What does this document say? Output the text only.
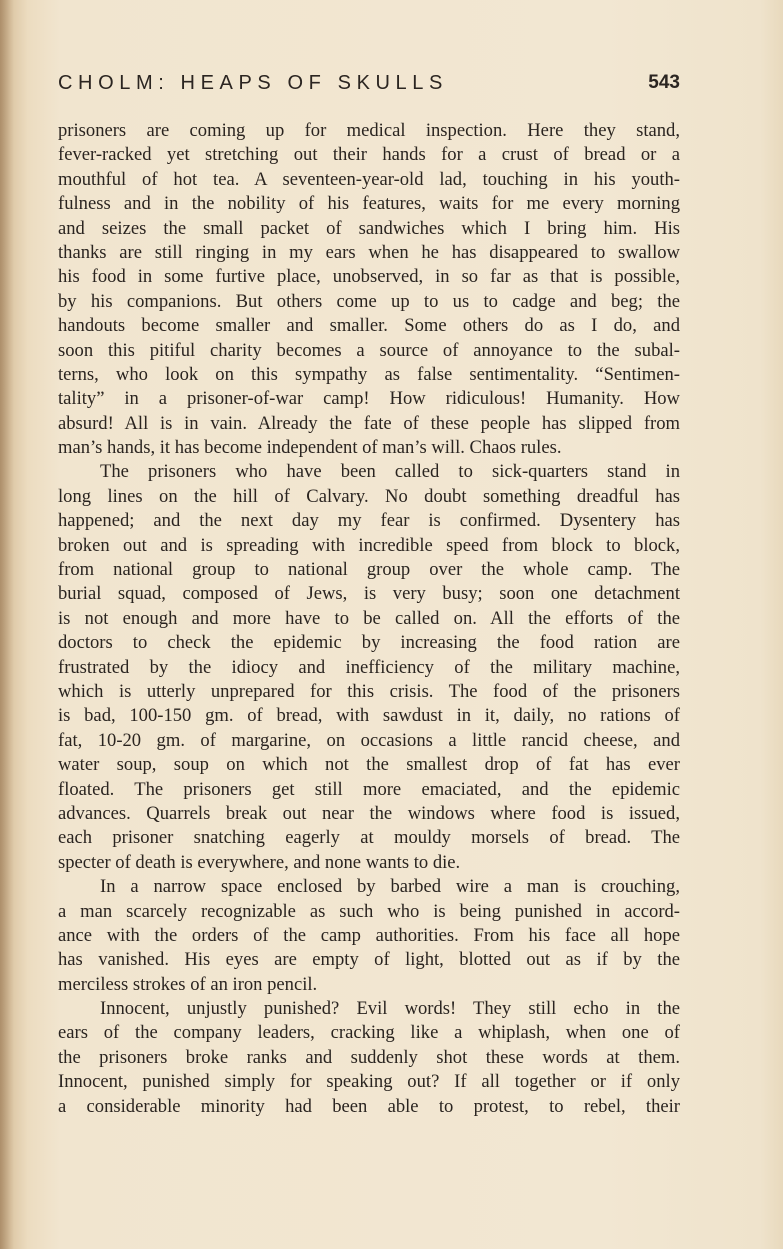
CHOLM: HEAPS OF SKULLS	543
prisoners are coming up for medical inspection. Here they stand,
fever-racked yet stretching out their hands for a crust of bread or a
mouthful of hot tea. A seventeen-year-old lad, touching in his youth-
fulness and in the nobility of his features, waits for me every morning
and seizes the small packet of sandwiches which I bring him. His
thanks are still ringing in my ears when he has disappeared to swallow
his food in some furtive place, unobserved, in so far as that is possible,
by his companions. But others come up to us to cadge and beg; the
handouts become smaller and smaller. Some others do as I do, and
soon this pitiful charity becomes a source of annoyance to the subal-
terns, who look on this sympathy as false sentimentality. “Sentimen-
tality” in a prisoner-of-war camp! How ridiculous! Humanity. How
absurd! All is in vain. Already the fate of these people has slipped from
man’s hands, it has become independent of man’s will. Chaos rules.
The prisoners who have been called to sick-quarters stand in
long lines on the hill of Calvary. No doubt something dreadful has
happened; and the next day my fear is confirmed. Dysentery has
broken out and is spreading with incredible speed from block to block,
from national group to national group over the whole camp. The
burial squad, composed of Jews, is very busy; soon one detachment
is not enough and more have to be called on. All the efforts of the
doctors to check the epidemic by increasing the food ration are
frustrated by the idiocy and inefficiency of the military machine,
which is utterly unprepared for this crisis. The food of the prisoners
is bad, 100-150 gm. of bread, with sawdust in it, daily, no rations of
fat, 10-20 gm. of margarine, on occasions a little rancid cheese, and
water soup, soup on which not the smallest drop of fat has ever
floated. The prisoners get still more emaciated, and the epidemic
advances. Quarrels break out near the windows where food is issued,
each prisoner snatching eagerly at mouldy morsels of bread. The
specter of death is everywhere, and none wants to die.
In a narrow space enclosed by barbed wire a man is crouching,
a man scarcely recognizable as such who is being punished in accord-
ance with the orders of the camp authorities. From his face all hope
has vanished. His eyes are empty of light, blotted out as if by the
merciless strokes of an iron pencil.
Innocent, unjustly punished? Evil words! They still echo in the
ears of the company leaders, cracking like a whiplash, when one of
the prisoners broke ranks and suddenly shot these words at them.
Innocent, punished simply for speaking out? If all together or if only
a considerable minority had been able to protest, to rebel, their
